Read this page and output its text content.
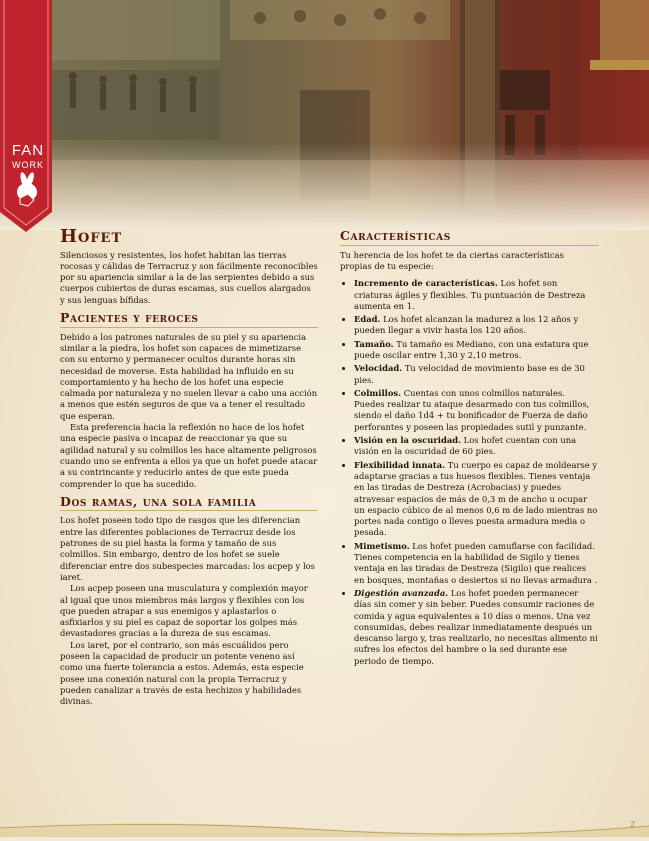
FAN
WORK
Hofet

Silenciosos y resistentes, los hofet habitan las tierras rocosas y cálidas de Terracruz y son fácilmente reconocibles por su apariencia similar a la de las serpientes debido a sus cuerpos cubiertos de duras escamas, sus cuellos alargados y sus lenguas bífidas.

Pacientes y feroces

Debido a los patrones naturales de su piel y su apariencia similar a la piedra, los hofet son capaces de mimetizarse con su entorno y permanecer ocultos durante horas sin necesidad de moverse. Esta habilidad ha influido en su comportamiento y ha hecho de los hofet una especie calmada por naturaleza y no suelen llevar a cabo una acción a menos que estén seguros de que va a tener el resultado que esperan.

Esta preferencia hacia la reflexión no hace de los hofet una especie pasiva o incapaz de reaccionar ya que su agilidad natural y su colmillos les hace altamente peligrosos cuando uno se enfrenta a ellos ya que un hofet puede atacar a su contrincante y reducirlo antes de que este pueda comprender lo que ha sucedido.

Dos ramas, una sola familia

Los hofet poseen todo tipo de rasgos que les diferencian entre las diferentes poblaciones de Terracruz desde los patrones de su piel hasta la forma y tamaño de sus colmillos. Sin embargo, dentro de los hofet se suele diferenciar entre dos subespecies marcadas: los acpep y los iaret.

Los acpep poseen una musculatura y complexión mayor al igual que unos miembros más largos y flexibles con los que pueden atrapar a sus enemigos y aplastarlos o asfixiarlos y su piel es capaz de soportar los golpes más devastadores gracias a la dureza de sus escamas.

Los iaret, por el contrario, son más escuálidos pero poseen la capacidad de producir un potente veneno así como una fuerte tolerancia a estos. Además, esta especie posee una conexión natural con la propia Terracruz y pueden canalizar a través de esta hechizos y habilidades divinas.

Características

Tu herencia de los hofet te da ciertas características propias de tu especie:

• Incremento de características. Los hofet son criaturas ágiles y flexibles. Tu puntuación de Destreza aumenta en 1.
• Edad. Los hofet alcanzan la madurez a los 12 años y pueden llegar a vivir hasta los 120 años.
• Tamaño. Tu tamaño es Mediano, con una estatura que puede oscilar entre 1,30 y 2,10 metros.
• Velocidad. Tu velocidad de movimiento base es de 30 pies.
• Colmillos. Cuentas con unos colmillos naturales. Puedes realizar tu ataque desarmado con tus colmillos, siendo el daño 1d4 + tu bonificador de Fuerza de daño perforantes y poseen las propiedades sutil y punzante.
• Visión en la oscuridad. Los hofet cuentan con una visión en la oscuridad de 60 pies.
• Flexibilidad innata. Tu cuerpo es capaz de moldearse y adaptarse gracias a tus huesos flexibles. Tienes ventaja en las tiradas de Destreza (Acrobacias) y puedes atravesar espacios de más de 0,3 m de ancho u ocupar un espacio cúbico de al menos 0,6 m de lado mientras no portes nada contigo o lleves puesta armadura media o pesada.
• Mimetismo. Los hofet pueden camuflarse con facilidad. Tienes competencia en la habilidad de Sigilo y tienes ventaja en las tiradas de Destreza (Sigilo) que realices en bosques, montañas o desiertos si no llevas armadura .
• Digestión avanzada. Los hofet pueden permanecer días sin comer y sin beber. Puedes consumir raciones de comida y agua equivalentes a 10 días o menos. Una vez consumidas, debes realizar inmediatamente después un descanso largo y, tras realizarlo, no necesitas alimento ni sufres los efectos del hambre o la sed durante ese periodo de tiempo.
2
